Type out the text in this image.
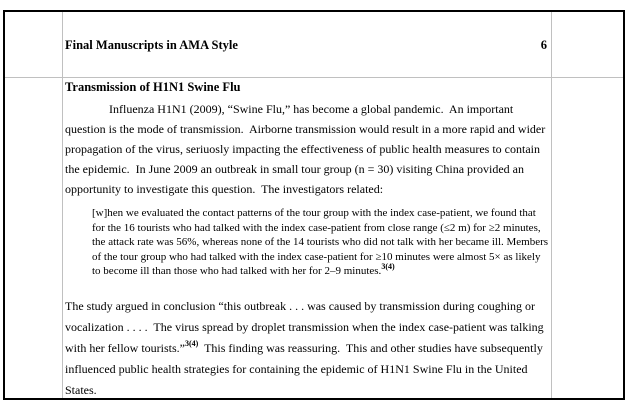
Final Manuscripts in AMA Style	6
Transmission of H1N1 Swine Flu

Influenza H1N1 (2009), “Swine Flu,” has become a global pandemic.  An important question is the mode of transmission.  Airborne transmission would result in a more rapid and wider propagation of the virus, seriuosly impacting the effectiveness of public health measures to contain the epidemic.  In June 2009 an outbreak in small tour group (n = 30) visiting China provided an opportunity to investigate this question.  The investigators related:

[w]hen we evaluated the contact patterns of the tour group with the index case-patient, we found that for the 16 tourists who had talked with the index case-patient from close range (≤2 m) for ≥2 minutes, the attack rate was 56%, whereas none of the 14 tourists who did not talk with her became ill. Members of the tour group who had talked with the index case-patient for ≥10 minutes were almost 5× as likely to become ill than those who had talked with her for 2–9 minutes.$^{3(4)}$

The study argued in conclusion “this outbreak . . . was caused by transmission during coughing or vocalization . . . .  The virus spread by droplet transmission when the index case-patient was talking with her fellow tourists.”$^{3(4)}$  This finding was reassuring.  This and other studies have subsequently influenced public health strategies for containing the epidemic of H1N1 Swine Flu in the United States.
